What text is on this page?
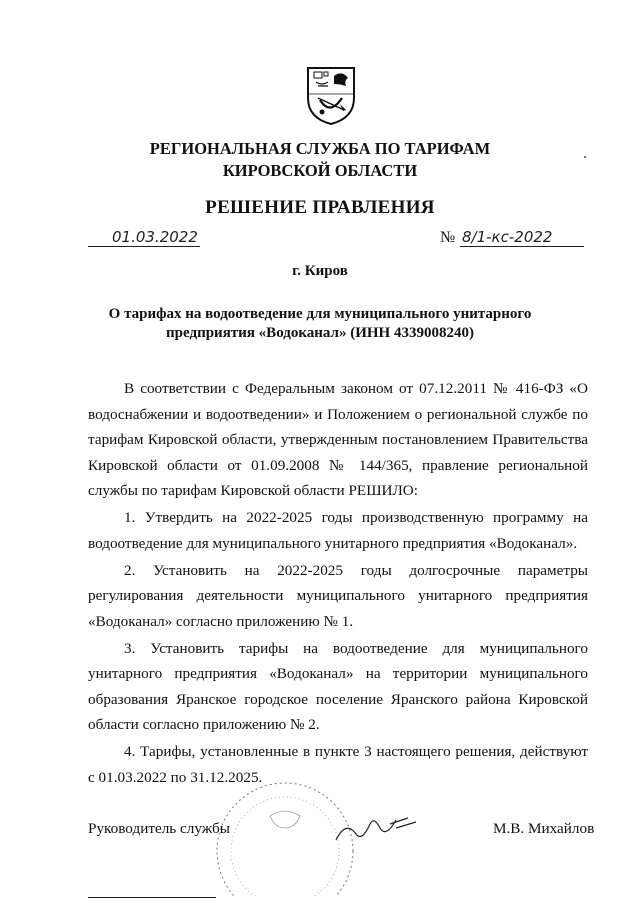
РЕГИОНАЛЬНАЯ СЛУЖБА ПО ТАРИФАМ
КИРОВСКОЙ ОБЛАСТИ
РЕШЕНИЕ ПРАВЛЕНИЯ
01.03.2022	№ 8/1-кс-2022
г. Киров
О тарифах на водоотведение для муниципального унитарного
предприятия «Водоканал» (ИНН 4339008240)

В соответствии с Федеральным законом от 07.12.2011 № 416-ФЗ «О водоснабжении и водоотведении» и Положением о региональной службе по тарифам Кировской области, утвержденным постановлением Правительства Кировской области от 01.09.2008 № 144/365, правление региональной службы по тарифам Кировской области РЕШИЛО:

1. Утвердить на 2022-2025 годы производственную программу на водоотведение для муниципального унитарного предприятия «Водоканал».

2. Установить на 2022-2025 годы долгосрочные параметры регулирования деятельности муниципального унитарного предприятия «Водоканал» согласно приложению № 1.

3. Установить тарифы на водоотведение для муниципального унитарного предприятия «Водоканал» на территории муниципального образования Яранское городское поселение Яранского района Кировской области согласно приложению № 2.

4. Тарифы, установленные в пункте 3 настоящего решения, действуют с 01.03.2022 по 31.12.2025.

Руководитель службы	М.В. Михайлов
